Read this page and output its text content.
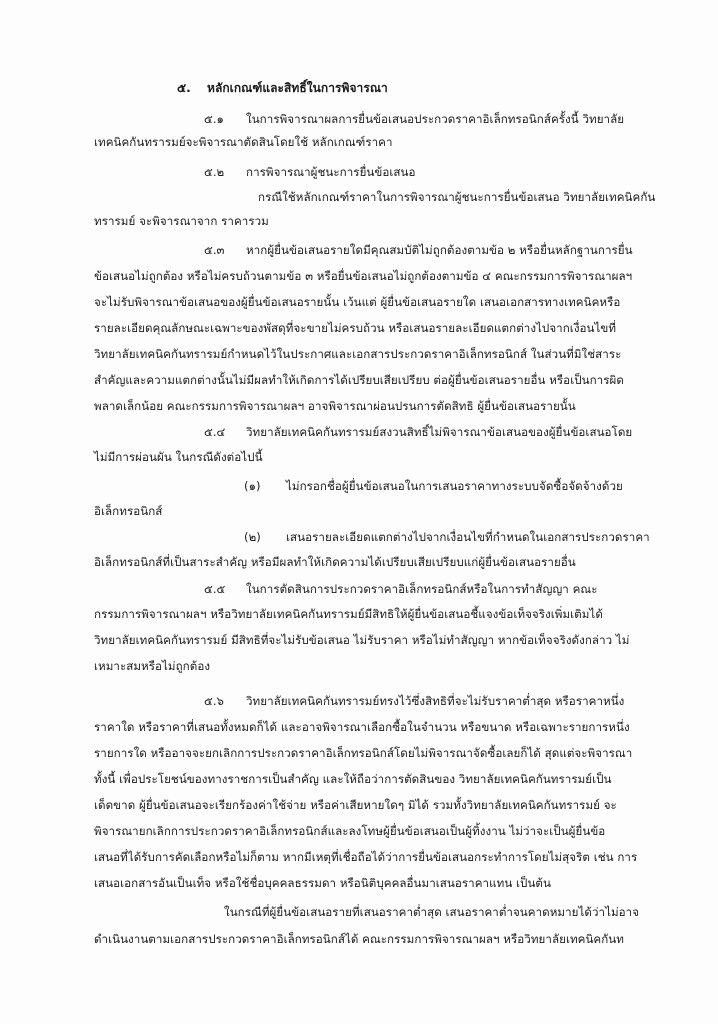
๕. หลักเกณฑ์และสิทธิ์ในการพิจารณา
๕.๑ ในการพิจารณาผลการยื่นข้อเสนอประกวดราคาอิเล็กทรอนิกส์ครั้งนี้ วิทยาลัย
เทคนิคกันทรารมย์จะพิจารณาตัดสินโดยใช้ หลักเกณฑ์ราคา
๕.๒ การพิจารณาผู้ชนะการยื่นข้อเสนอ
กรณีใช้หลักเกณฑ์ราคาในการพิจารณาผู้ชนะการยื่นข้อเสนอ วิทยาลัยเทคนิคกัน
ทรารมย์ จะพิจารณาจาก ราคารวม
๕.๓ หากผู้ยื่นข้อเสนอรายใดมีคุณสมบัติไม่ถูกต้องตามข้อ ๒ หรือยื่นหลักฐานการยื่น
ข้อเสนอไม่ถูกต้อง หรือไม่ครบถ้วนตามข้อ ๓ หรือยื่นข้อเสนอไม่ถูกต้องตามข้อ ๔ คณะกรรมการพิจารณาผลฯ
จะไม่รับพิจารณาข้อเสนอของผู้ยื่นข้อเสนอรายนั้น เว้นแต่ ผู้ยื่นข้อเสนอรายใด เสนอเอกสารทางเทคนิคหรือ
รายละเอียดคุณลักษณะเฉพาะของพัสดุที่จะขายไม่ครบถ้วน หรือเสนอรายละเอียดแตกต่างไปจากเงื่อนไขที่
วิทยาลัยเทคนิคกันทรารมย์กำหนดไว้ในประกาศและเอกสารประกวดราคาอิเล็กทรอนิกส์ ในส่วนที่มิใช่สาระ
สำคัญและความแตกต่างนั้นไม่มีผลทำให้เกิดการได้เปรียบเสียเปรียบ ต่อผู้ยื่นข้อเสนอรายอื่น หรือเป็นการผิด
พลาดเล็กน้อย คณะกรรมการพิจารณาผลฯ อาจพิจารณาผ่อนปรนการตัดสิทธิ ผู้ยื่นข้อเสนอรายนั้น
๕.๔ วิทยาลัยเทคนิคกันทรารมย์สงวนสิทธิ์ไม่พิจารณาข้อเสนอของผู้ยื่นข้อเสนอโดย
ไม่มีการผ่อนผัน ในกรณีดังต่อไปนี้
(๑) ไม่กรอกชื่อผู้ยื่นข้อเสนอในการเสนอราคาทางระบบจัดซื้อจัดจ้างด้วย
อิเล็กทรอนิกส์
(๒) เสนอรายละเอียดแตกต่างไปจากเงื่อนไขที่กำหนดในเอกสารประกวดราคา
อิเล็กทรอนิกส์ที่เป็นสาระสำคัญ หรือมีผลทำให้เกิดความได้เปรียบเสียเปรียบแก่ผู้ยื่นข้อเสนอรายอื่น
๕.๕ ในการตัดสินการประกวดราคาอิเล็กทรอนิกส์หรือในการทำสัญญา คณะ
กรรมการพิจารณาผลฯ หรือวิทยาลัยเทคนิคกันทรารมย์มีสิทธิให้ผู้ยื่นข้อเสนอชี้แจงข้อเท็จจริงเพิ่มเติมได้
วิทยาลัยเทคนิคกันทรารมย์ มีสิทธิที่จะไม่รับข้อเสนอ ไม่รับราคา หรือไม่ทำสัญญา หากข้อเท็จจริงดังกล่าว ไม่
เหมาะสมหรือไม่ถูกต้อง
๕.๖ วิทยาลัยเทคนิคกันทรารมย์ทรงไว้ซึ่งสิทธิที่จะไม่รับราคาต่ำสุด หรือราคาหนึ่ง
ราคาใด หรือราคาที่เสนอทั้งหมดก็ได้ และอาจพิจารณาเลือกซื้อในจำนวน หรือขนาด หรือเฉพาะรายการหนึ่ง
รายการใด หรืออาจจะยกเลิกการประกวดราคาอิเล็กทรอนิกส์โดยไม่พิจารณาจัดซื้อเลยก็ได้ สุดแต่จะพิจารณา
ทั้งนี้ เพื่อประโยชน์ของทางราชการเป็นสำคัญ และให้ถือว่าการตัดสินของ วิทยาลัยเทคนิคกันทรารมย์เป็น
เด็ดขาด ผู้ยื่นข้อเสนอจะเรียกร้องค่าใช้จ่าย หรือค่าเสียหายใดๆ มิได้ รวมทั้งวิทยาลัยเทคนิคกันทรารมย์ จะ
พิจารณายกเลิกการประกวดราคาอิเล็กทรอนิกส์และลงโทษผู้ยื่นข้อเสนอเป็นผู้ทิ้งงาน ไม่ว่าจะเป็นผู้ยื่นข้อ
เสนอที่ได้รับการคัดเลือกหรือไม่ก็ตาม หากมีเหตุที่เชื่อถือได้ว่าการยื่นข้อเสนอกระทำการโดยไม่สุจริต เช่น การ
เสนอเอกสารอันเป็นเท็จ หรือใช้ชื่อบุคคลธรรมดา หรือนิติบุคคลอื่นมาเสนอราคาแทน เป็นต้น
ในกรณีที่ผู้ยื่นข้อเสนอรายที่เสนอราคาต่ำสุด เสนอราคาต่ำจนคาดหมายได้ว่าไม่อาจ
ดำเนินงานตามเอกสารประกวดราคาอิเล็กทรอนิกส์ได้ คณะกรรมการพิจารณาผลฯ หรือวิทยาลัยเทคนิคกันท
